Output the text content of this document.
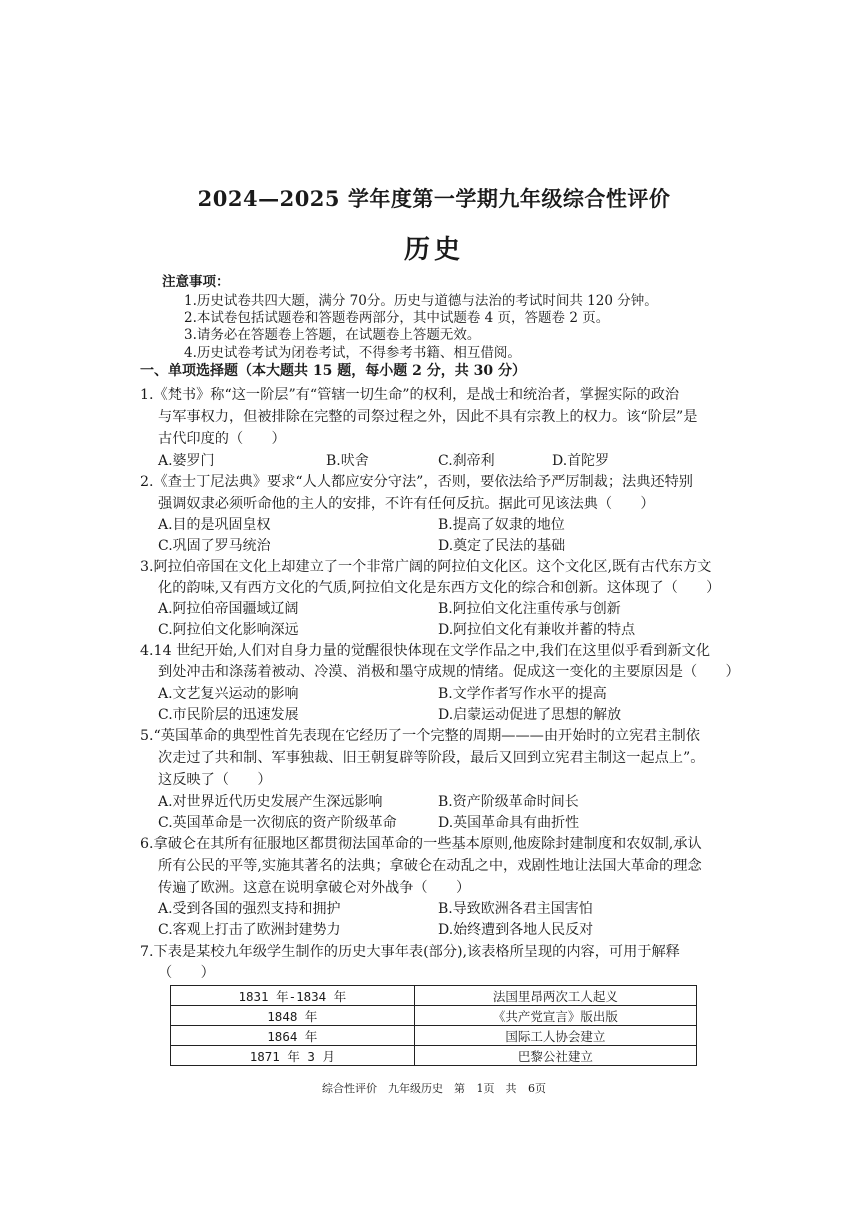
2024—2025 学年度第一学期九年级综合性评价
历史
注意事项：
1.历史试卷共四大题，满分 70分。历史与道德与法治的考试时间共 120 分钟。
2.本试卷包括试题卷和答题卷两部分，其中试题卷 4 页，答题卷 2 页。
3.请务必在答题卷上答题，在试题卷上答题无效。
4.历史试卷考试为闭卷考试，不得参考书籍、相互借阅。
一、单项选择题（本大题共 15 题，每小题 2 分，共 30 分）
1.《梵书》称“这一阶层”有“管辖一切生命”的权利，是战士和统治者，掌握实际的政治
与军事权力，但被排除在完整的司祭过程之外，因此不具有宗教上的权力。该“阶层”是
古代印度的（　　）
A.婆罗门	B.吠舍	C.刹帝利	D.首陀罗
2.《查士丁尼法典》要求“人人都应安分守法”，否则，要依法给予严厉制裁；法典还特别
强调奴隶必须听命他的主人的安排，不许有任何反抗。据此可见该法典（　　）
A.目的是巩固皇权	B.提高了奴隶的地位
C.巩固了罗马统治	D.奠定了民法的基础
3.阿拉伯帝国在文化上却建立了一个非常广阔的阿拉伯文化区。这个文化区,既有古代东方文
化的韵味,又有西方文化的气质,阿拉伯文化是东西方文化的综合和创新。这体现了（　　）
A.阿拉伯帝国疆域辽阔	B.阿拉伯文化注重传承与创新
C.阿拉伯文化影响深远	D.阿拉伯文化有兼收并蓄的特点
4.14 世纪开始,人们对自身力量的觉醒很快体现在文学作品之中,我们在这里似乎看到新文化
到处冲击和涤荡着被动、冷漠、消极和墨守成规的情绪。促成这一变化的主要原因是（　　）
A.文艺复兴运动的影响	B.文学作者写作水平的提高
C.市民阶层的迅速发展	D.启蒙运动促进了思想的解放
5.“英国革命的典型性首先表现在它经历了一个完整的周期———由开始时的立宪君主制依
次走过了共和制、军事独裁、旧王朝复辟等阶段，最后又回到立宪君主制这一起点上”。
这反映了（　　）
A.对世界近代历史发展产生深远影响	B.资产阶级革命时间长
C.英国革命是一次彻底的资产阶级革命	D.英国革命具有曲折性
6.拿破仑在其所有征服地区都贯彻法国革命的一些基本原则,他废除封建制度和农奴制,承认
所有公民的平等,实施其著名的法典；拿破仑在动乱之中，戏剧性地让法国大革命的理念
传遍了欧洲。这意在说明拿破仑对外战争（　　）
A.受到各国的强烈支持和拥护	B.导致欧洲各君主国害怕
C.客观上打击了欧洲封建势力	D.始终遭到各地人民反对
7.下表是某校九年级学生制作的历史大事年表(部分),该表格所呈现的内容，可用于解释
（　　）
1831 年-1834 年	法国里昂两次工人起义
1848 年	《共产党宣言》版出版
1864 年	国际工人协会建立
1871 年 3 月	巴黎公社建立
综合性评价　九年级历史　第 1页　共 6页
